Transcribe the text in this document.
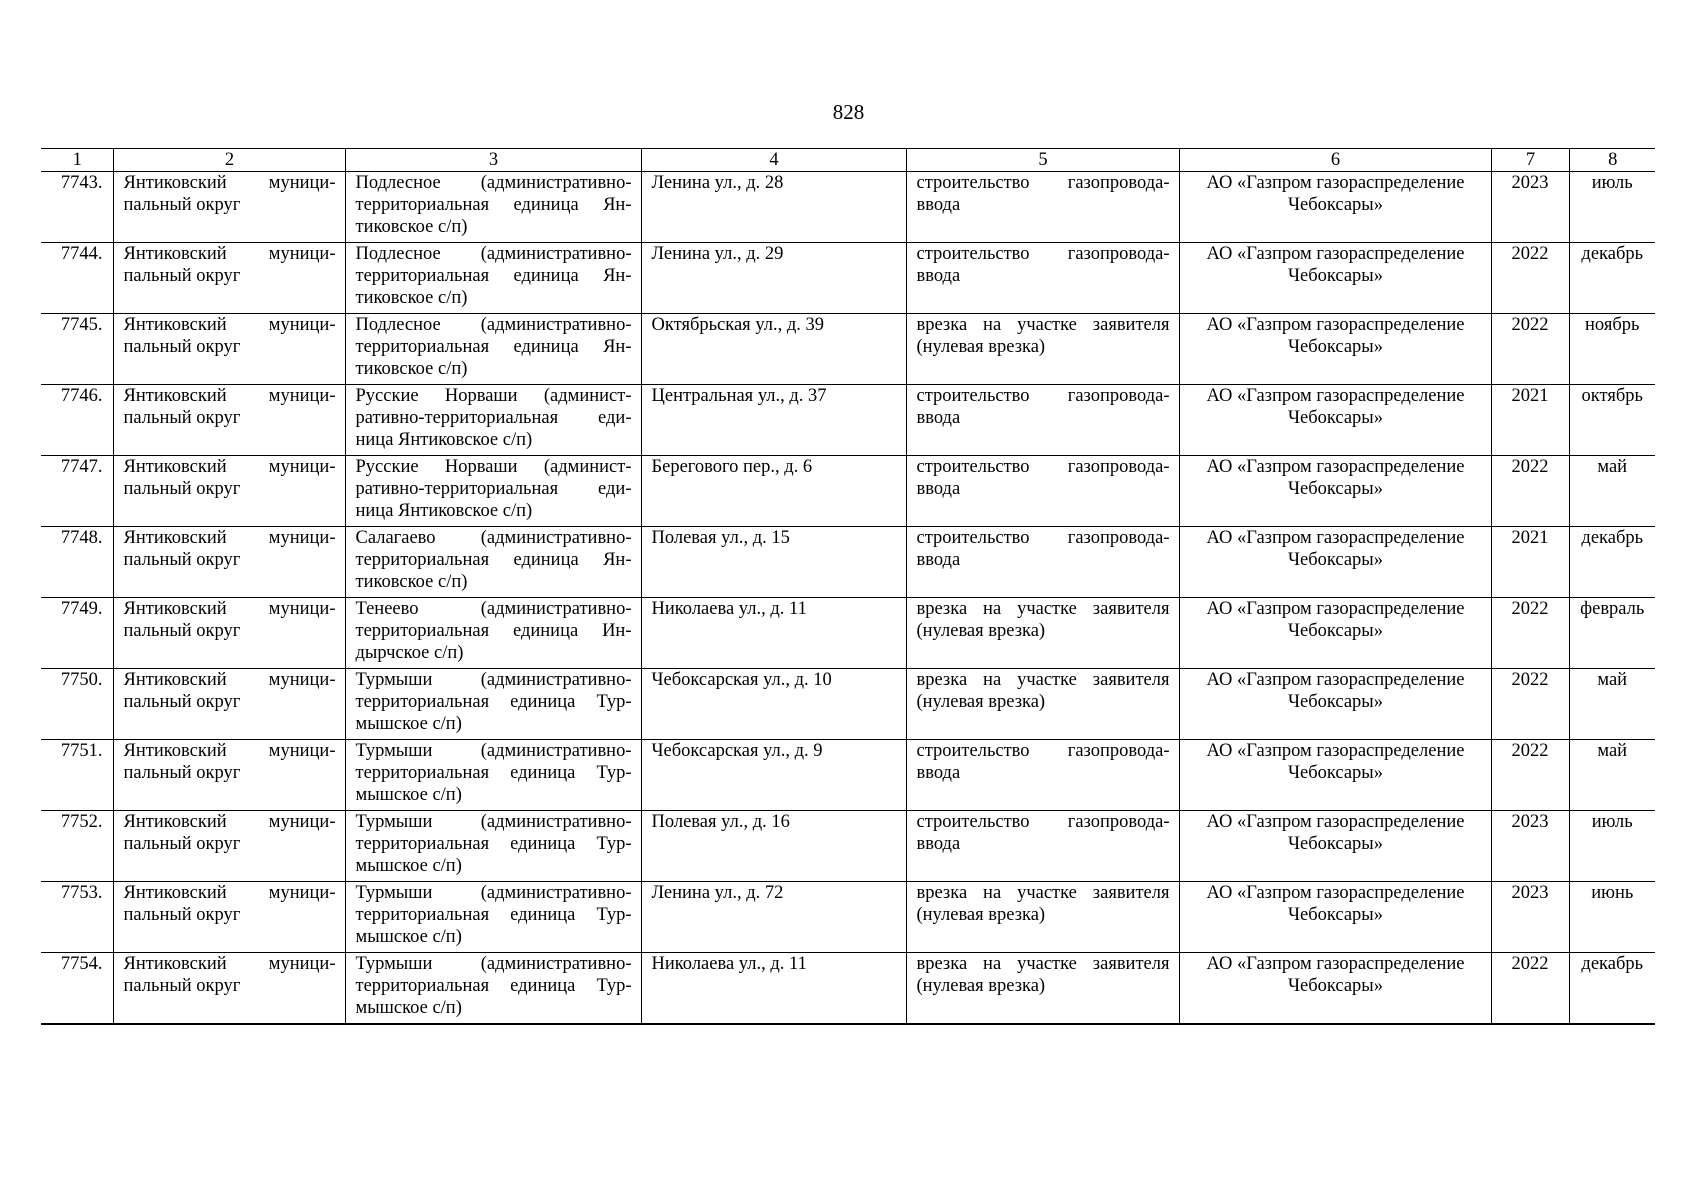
828
1	2	3	4	5	6	7	8
7743.	Янтиковский муници-пальный округ	Подлесное (административно-территориальная единица Ян-тиковское с/п)	Ленина ул., д. 28	строительство газопровода-ввода	АО «Газпром газораспределение Чебоксары»	2023	июль
7744.	Янтиковский муници-пальный округ	Подлесное (административно-территориальная единица Ян-тиковское с/п)	Ленина ул., д. 29	строительство газопровода-ввода	АО «Газпром газораспределение Чебоксары»	2022	декабрь
7745.	Янтиковский муници-пальный округ	Подлесное (административно-территориальная единица Ян-тиковское с/п)	Октябрьская ул., д. 39	врезка на участке заявителя (нулевая врезка)	АО «Газпром газораспределение Чебоксары»	2022	ноябрь
7746.	Янтиковский муници-пальный округ	Русские Норваши (админист-ративно-территориальная еди-ница Янтиковское с/п)	Центральная ул., д. 37	строительство газопровода-ввода	АО «Газпром газораспределение Чебоксары»	2021	октябрь
7747.	Янтиковский муници-пальный округ	Русские Норваши (админист-ративно-территориальная еди-ница Янтиковское с/п)	Берегового пер., д. 6	строительство газопровода-ввода	АО «Газпром газораспределение Чебоксары»	2022	май
7748.	Янтиковский муници-пальный округ	Салагаево (административно-территориальная единица Ян-тиковское с/п)	Полевая ул., д. 15	строительство газопровода-ввода	АО «Газпром газораспределение Чебоксары»	2021	декабрь
7749.	Янтиковский муници-пальный округ	Тенеево (административно-территориальная единица Ин-дырчское с/п)	Николаева ул., д. 11	врезка на участке заявителя (нулевая врезка)	АО «Газпром газораспределение Чебоксары»	2022	февраль
7750.	Янтиковский муници-пальный округ	Турмыши (административно-территориальная единица Тур-мышское с/п)	Чебоксарская ул., д. 10	врезка на участке заявителя (нулевая врезка)	АО «Газпром газораспределение Чебоксары»	2022	май
7751.	Янтиковский муници-пальный округ	Турмыши (административно-территориальная единица Тур-мышское с/п)	Чебоксарская ул., д. 9	строительство газопровода-ввода	АО «Газпром газораспределение Чебоксары»	2022	май
7752.	Янтиковский муници-пальный округ	Турмыши (административно-территориальная единица Тур-мышское с/п)	Полевая ул., д. 16	строительство газопровода-ввода	АО «Газпром газораспределение Чебоксары»	2023	июль
7753.	Янтиковский муници-пальный округ	Турмыши (административно-территориальная единица Тур-мышское с/п)	Ленина ул., д. 72	врезка на участке заявителя (нулевая врезка)	АО «Газпром газораспределение Чебоксары»	2023	июнь
7754.	Янтиковский муници-пальный округ	Турмыши (административно-территориальная единица Тур-мышское с/п)	Николаева ул., д. 11	врезка на участке заявителя (нулевая врезка)	АО «Газпром газораспределение Чебоксары»	2022	декабрь
